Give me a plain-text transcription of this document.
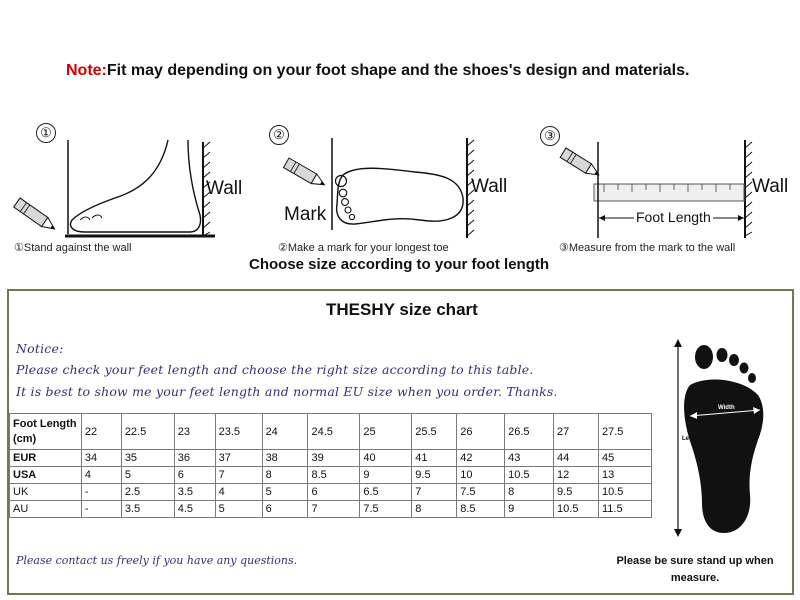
Note:Fit may depending on your foot shape and the shoes's design and materials.
①
Wall
①Stand against the wall
②
Mark
Wall
②Make a mark for your longest toe
③
Wall
Foot Length
③Measure from the mark to the wall
Choose size according to your foot length
THESHY size chart
Notice:
Please check your feet length and choose the right size according to this table.
It is best to show me your feet length and normal EU size when you order. Thanks.
Foot Length (cm)	22	22.5	23	23.5	24	24.5	25	25.5	26	26.5	27	27.5
EUR	34	35	36	37	38	39	40	41	42	43	44	45
USA	4	5	6	7	8	8.5	9	9.5	10	10.5	12	13
UK	-	2.5	3.5	4	5	6	6.5	7	7.5	8	9.5	10.5
AU	-	3.5	4.5	5	6	7	7.5	8	8.5	9	10.5	11.5
Width
Length
Please contact us freely if you have any questions.	Please be sure stand up when measure.
